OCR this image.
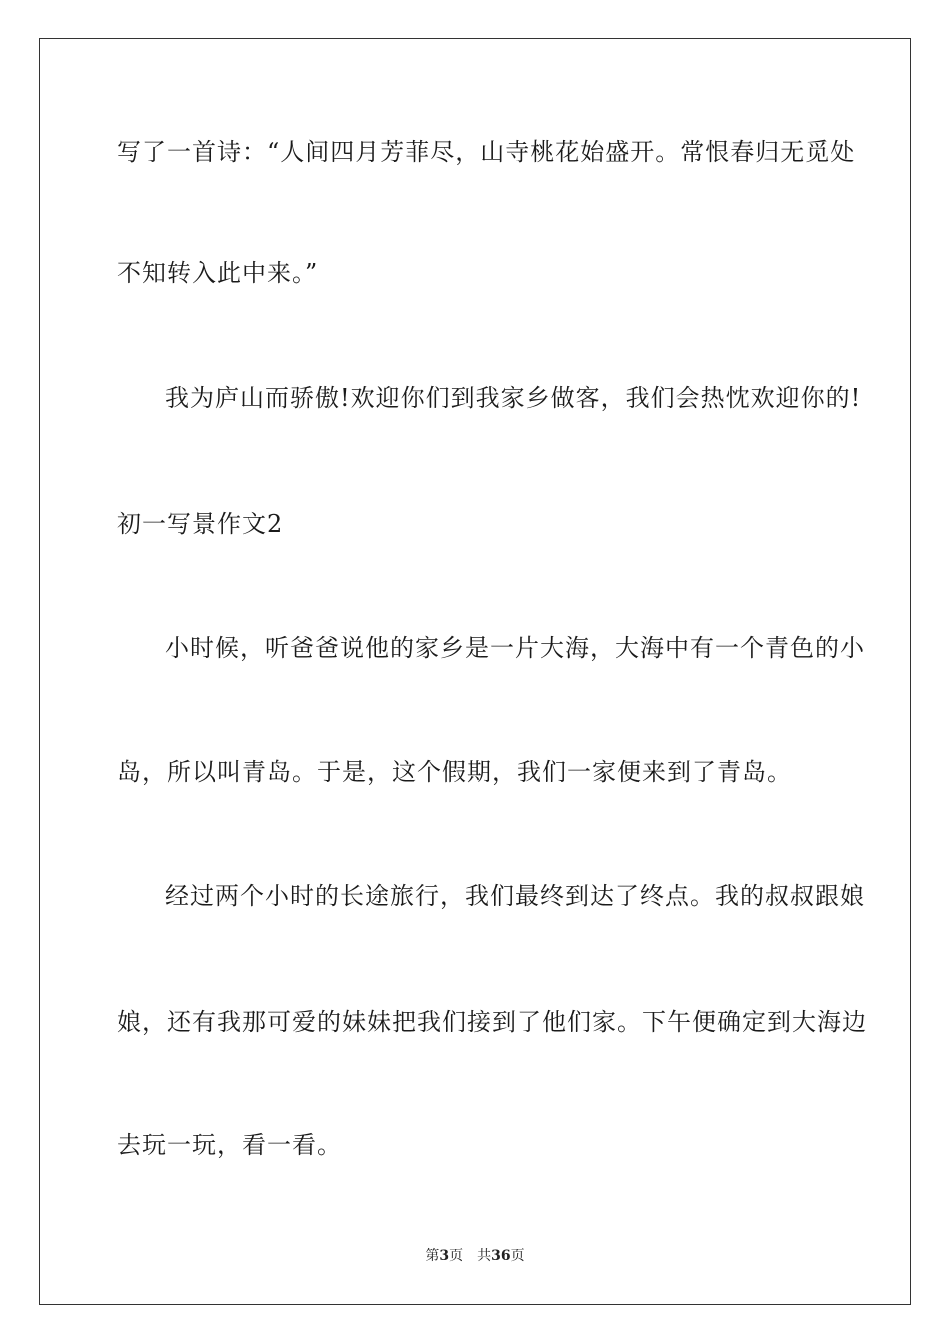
写了一首诗：“人间四月芳菲尽，山寺桃花始盛开。常恨春归无觅处
不知转入此中来。”
我为庐山而骄傲!欢迎你们到我家乡做客，我们会热忱欢迎你的!
初一写景作文2
小时候，听爸爸说他的家乡是一片大海，大海中有一个青色的小
岛，所以叫青岛。于是，这个假期，我们一家便来到了青岛。
经过两个小时的长途旅行，我们最终到达了终点。我的叔叔跟娘
娘，还有我那可爱的妹妹把我们接到了他们家。下午便确定到大海边
去玩一玩，看一看。
第3页 共36页
